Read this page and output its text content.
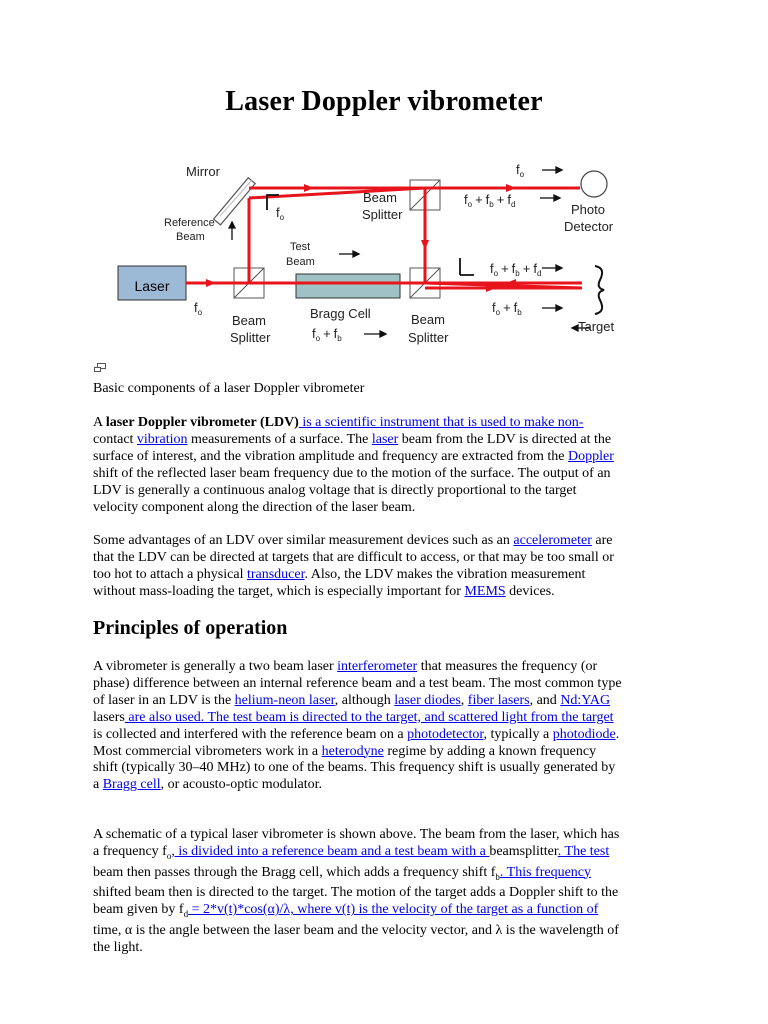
Laser Doppler vibrometer
Laser
Mirror
Reference
Beam
Test
Beam
Bragg Cell
Beam
Splitter
Beam
Splitter
Beam
Splitter
Photo
Detector
Target
$f_o$
$f_o$
$f_o$
$f_o + f_b$
$f_o + f_b + f_d$
$f_o + f_b + f_d$
$f_o + f_b$
Basic components of a laser Doppler vibrometer

A laser Doppler vibrometer (LDV) is a scientific instrument that is used to make non-
contact vibration measurements of a surface. The laser beam from the LDV is directed at the
surface of interest, and the vibration amplitude and frequency are extracted from the Doppler
shift of the reflected laser beam frequency due to the motion of the surface. The output of an
LDV is generally a continuous analog voltage that is directly proportional to the target
velocity component along the direction of the laser beam.

Some advantages of an LDV over similar measurement devices such as an accelerometer are
that the LDV can be directed at targets that are difficult to access, or that may be too small or
too hot to attach a physical transducer. Also, the LDV makes the vibration measurement
without mass-loading the target, which is especially important for MEMS devices.

Principles of operation

A vibrometer is generally a two beam laser interferometer that measures the frequency (or
phase) difference between an internal reference beam and a test beam. The most common type
of laser in an LDV is the helium-neon laser, although laser diodes, fiber lasers, and Nd:YAG
lasers are also used. The test beam is directed to the target, and scattered light from the target
is collected and interfered with the reference beam on a photodetector, typically a photodiode.
Most commercial vibrometers work in a heterodyne regime by adding a known frequency
shift (typically 30–40 MHz) to one of the beams. This frequency shift is usually generated by
a Bragg cell, or acousto-optic modulator.

A schematic of a typical laser vibrometer is shown above. The beam from the laser, which has
a frequency $f_o$, is divided into a reference beam and a test beam with a beamsplitter. The test
beam then passes through the Bragg cell, which adds a frequency shift $f_b$. This frequency
shifted beam then is directed to the target. The motion of the target adds a Doppler shift to the
beam given by $f_d = 2*v(t)*\cos(\alpha)/\lambda$, where v(t) is the velocity of the target as a function of
time, α is the angle between the laser beam and the velocity vector, and λ is the wavelength of
the light.
